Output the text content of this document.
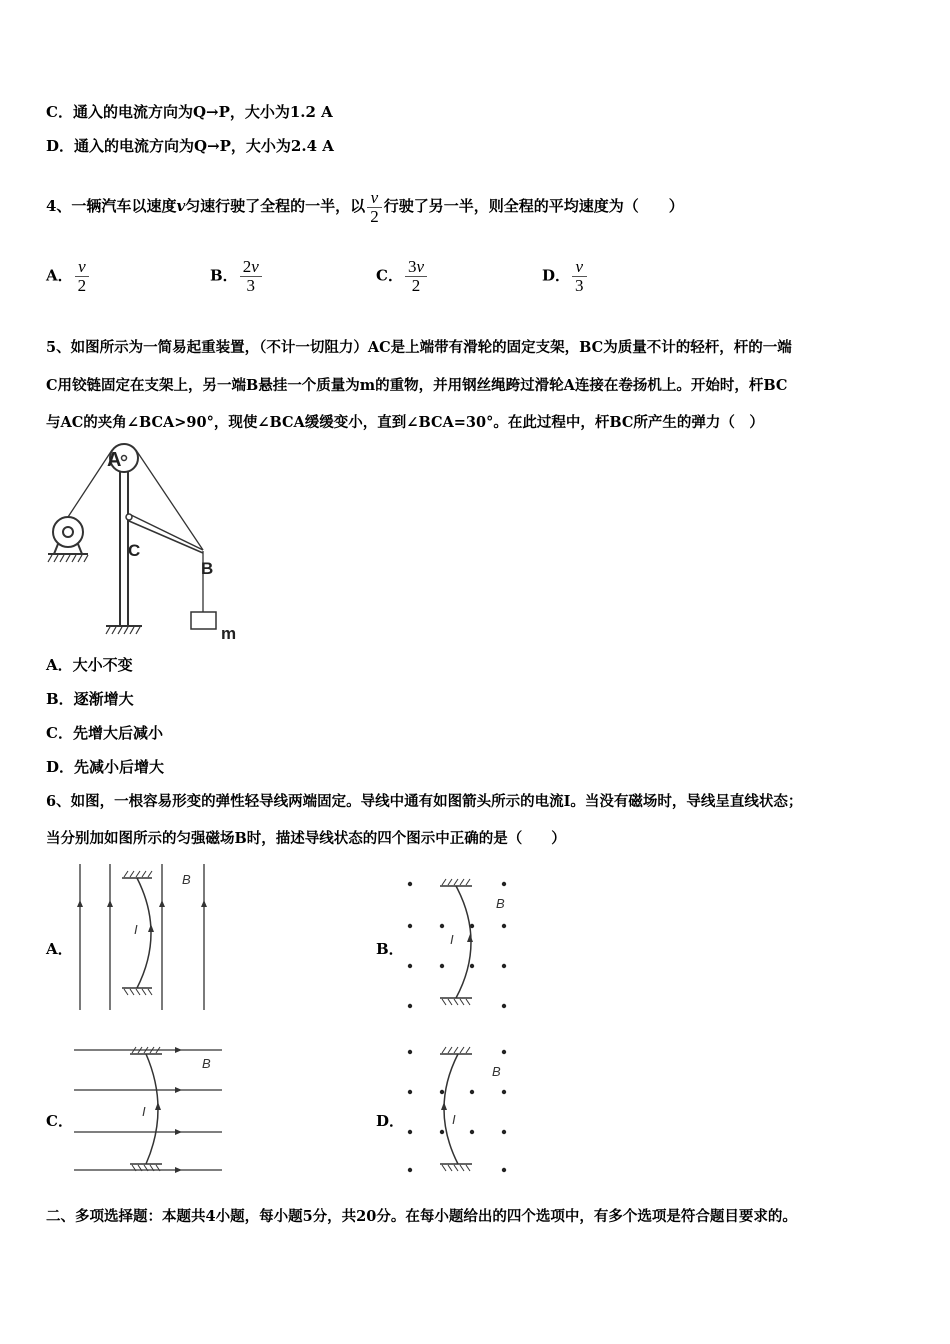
C．通入的电流方向为Q→P，大小为1.2 A
D．通入的电流方向为Q→P，大小为2.4 A
4、一辆汽车以速度v匀速行驶了全程的一半，以 $\frac{v}{2}$ 行驶了另一半，则全程的平均速度为（　　）
A． $\frac{v}{2}$	B． $\frac{2v}{3}$	C． $\frac{3v}{2}$	D． $\frac{v}{3}$
5、如图所示为一简易起重装置，（不计一切阻力）AC是上端带有滑轮的固定支架，BC为质量不计的轻杆，杆的一端
C用铰链固定在支架上，另一端B悬挂一个质量为m的重物，并用钢丝绳跨过滑轮A连接在卷扬机上。开始时，杆BC
与AC的夹角∠BCA>90°，现使∠BCA缓缓变小，直到∠BCA=30°。在此过程中，杆BC所产生的弹力（　）
A
C
B
m
A．大小不变
B．逐渐增大
C．先增大后减小
D．先减小后增大
6、如图，一根容易形变的弹性轻导线两端固定。导线中通有如图箭头所示的电流I。当没有磁场时，导线呈直线状态；
当分别加如图所示的匀强磁场B时，描述导线状态的四个图示中正确的是（　　）
A．
I
B
B．
I
B
C．
I
B
D．	I
B
二、多项选择题：本题共4小题，每小题5分，共20分。在每小题给出的四个选项中，有多个选项是符合题目要求的。
